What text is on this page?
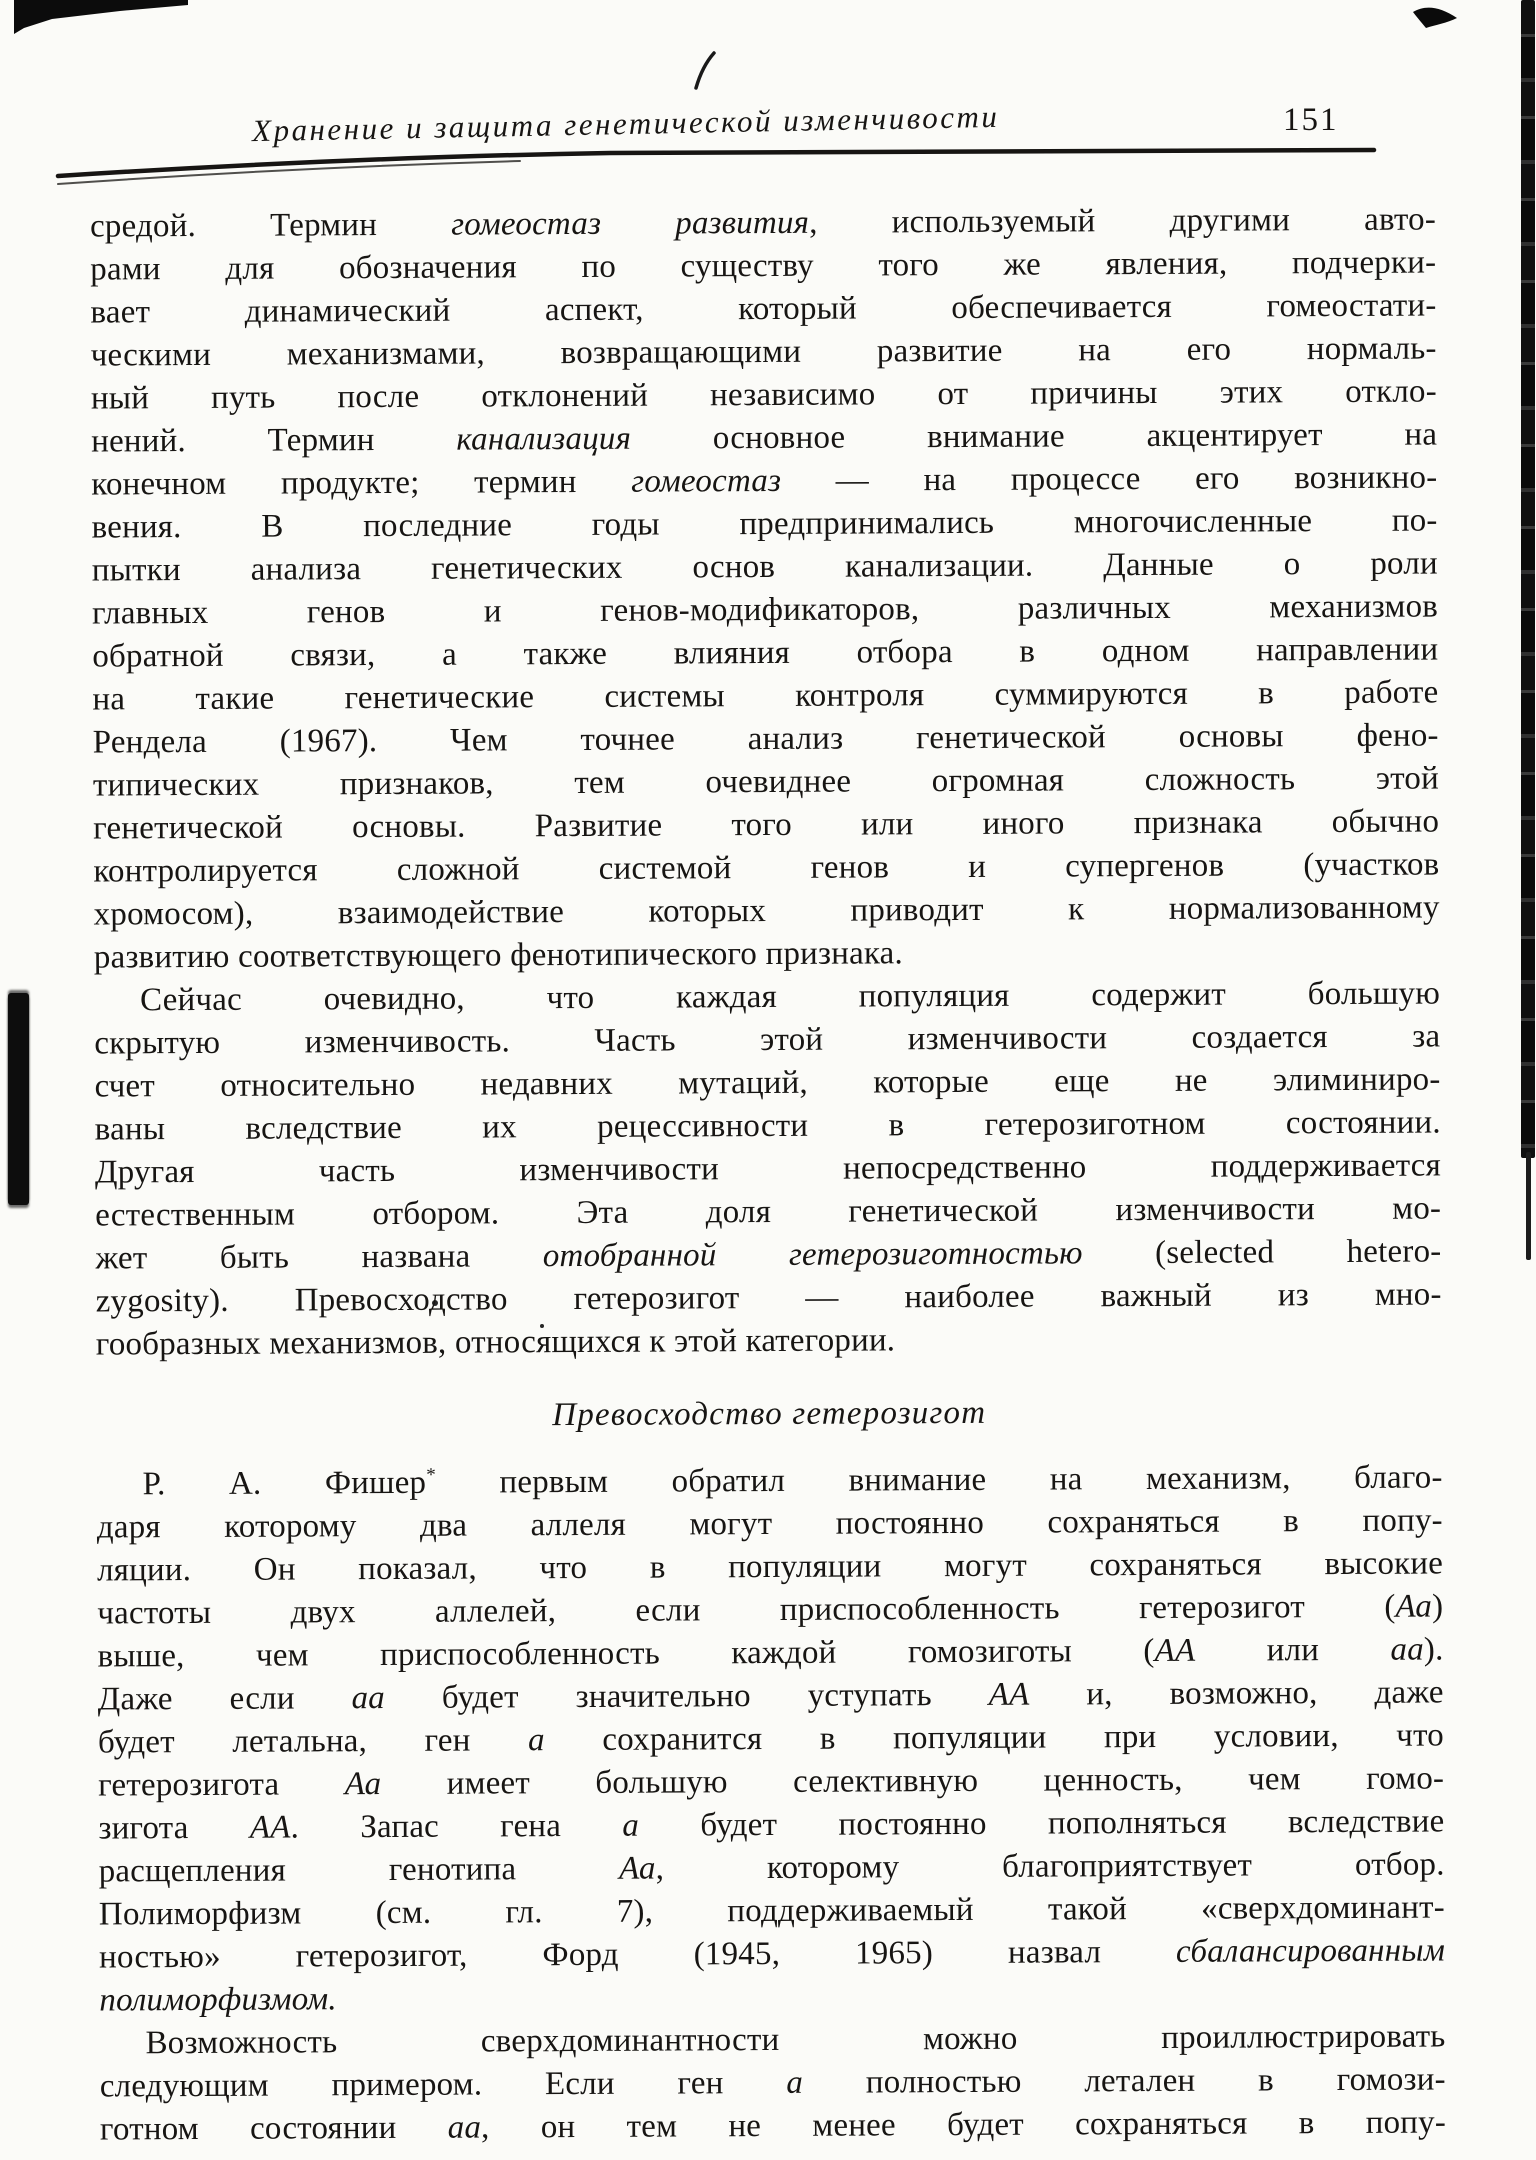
Хранение и защита генетической изменчивости	151
средой. Термин гомеостаз развития, используемый другими авто-
рами для обозначения по существу того же явления, подчерки-
вает динамический аспект, который обеспечивается гомеостати-
ческими механизмами, возвращающими развитие на его нормаль-
ный путь после отклонений независимо от причины этих откло-
нений. Термин канализация основное внимание акцентирует на
конечном продукте; термин гомеостаз — на процессе его возникно-
вения. В последние годы предпринимались многочисленные по-
пытки анализа генетических основ канализации. Данные о роли
главных генов и генов-модификаторов, различных механизмов
обратной связи, а также влияния отбора в одном направлении
на такие генетические системы контроля суммируются в работе
Рендела (1967). Чем точнее анализ генетической основы фено-
типических признаков, тем очевиднее огромная сложность этой
генетической основы. Развитие того или иного признака обычно
контролируется сложной системой генов и супергенов (участков
хромосом), взаимодействие которых приводит к нормализованному
развитию соответствующего фенотипического признака.
Сейчас очевидно, что каждая популяция содержит большую
скрытую изменчивость. Часть этой изменчивости создается за
счет относительно недавних мутаций, которые еще не элиминиро-
ваны вследствие их рецессивности в гетерозиготном состоянии.
Другая часть изменчивости непосредственно поддерживается
естественным отбором. Эта доля генетической изменчивости мо-
жет быть названа отобранной гетерозиготностью (selected hetero-
zygosity). Превосходство гетерозигот — наиболее важный из мно-
гообразных механизмов, относящихся к этой категории.
Превосходство гетерозигот
Р. А. Фишер* первым обратил внимание на механизм, благо-
даря которому два аллеля могут постоянно сохраняться в попу-
ляции. Он показал, что в популяции могут сохраняться высокие
частоты двух аллелей, если приспособленность гетерозигот (Аа)
выше, чем приспособленность каждой гомозиготы (АА или аа).
Даже если аа будет значительно уступать АА и, возможно, даже
будет летальна, ген а сохранится в популяции при условии, что
гетерозигота Аа имеет большую селективную ценность, чем гомо-
зигота АА. Запас гена а будет постоянно пополняться вследствие
расщепления генотипа Аа, которому благоприятствует отбор.
Полиморфизм (см. гл. 7), поддерживаемый такой «сверхдоминант-
ностью» гетерозигот, Форд (1945, 1965) назвал сбалансированным
полиморфизмом.
Возможность сверхдоминантности можно проиллюстрировать
следующим примером. Если ген а полностью летален в гомози-
готном состоянии аа, он тем не менее будет сохраняться в попу-
